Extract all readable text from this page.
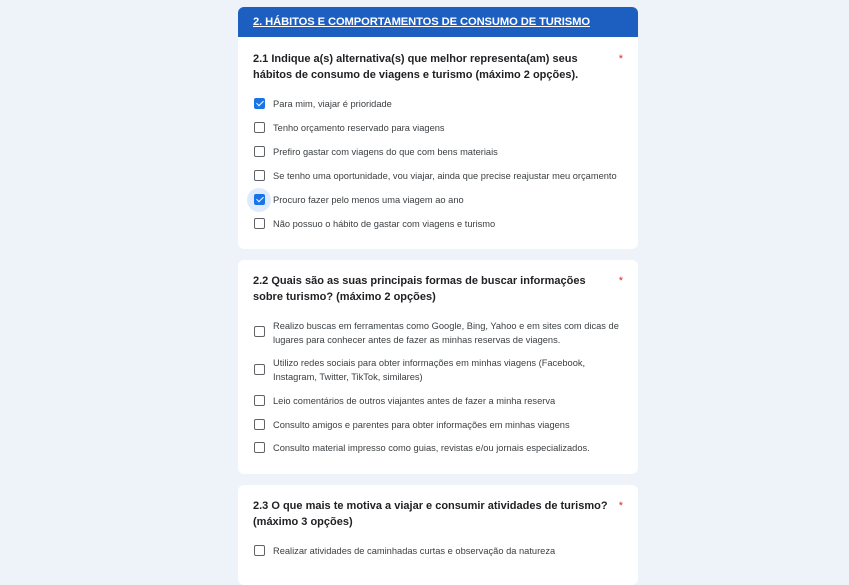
2. HÁBITOS E COMPORTAMENTOS DE CONSUMO DE TURISMO
2.1 Indique a(s) alternativa(s) que melhor representa(am) seus hábitos de consumo de viagens e turismo (máximo 2 opções).
*
Para mim, viajar é prioridade
Tenho orçamento reservado para viagens
Prefiro gastar com viagens do que com bens materiais
Se tenho uma oportunidade, vou viajar, ainda que precise reajustar meu orçamento
Procuro fazer pelo menos uma viagem ao ano
Não possuo o hábito de gastar com viagens e turismo
2.2 Quais são as suas principais formas de buscar informações sobre turismo? (máximo 2 opções)
*
Realizo buscas em ferramentas como Google, Bing, Yahoo e em sites com dicas de lugares para conhecer antes de fazer as minhas reservas de viagens.
Utilizo redes sociais para obter informações em minhas viagens (Facebook, Instagram, Twitter, TikTok, similares)
Leio comentários de outros viajantes antes de fazer a minha reserva
Consulto amigos e parentes para obter informações em minhas viagens
Consulto material impresso como guias, revistas e/ou jornais especializados.
2.3 O que mais te motiva a viajar e consumir atividades de turismo? (máximo 3 opções)
*
Realizar atividades de caminhadas curtas e observação da natureza
